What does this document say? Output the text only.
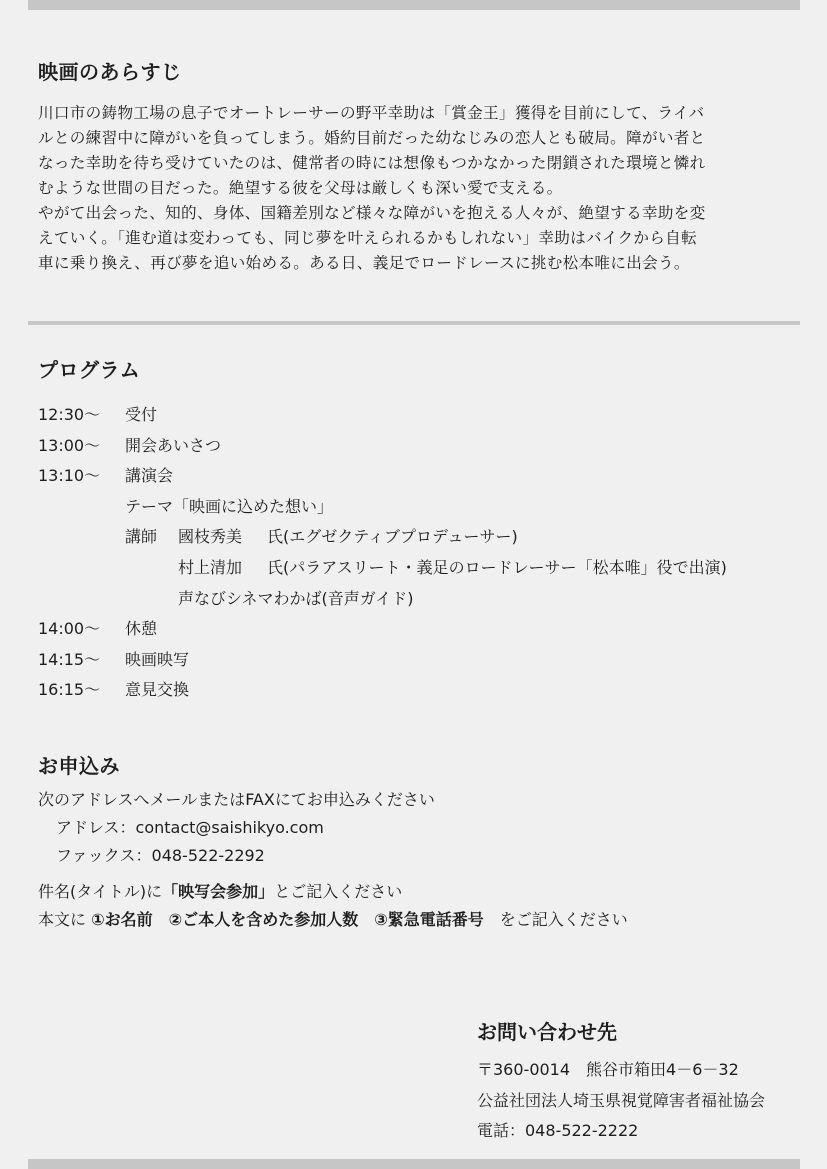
映画のあらすじ

川口市の鋳物工場の息子でオートレーサーの野平幸助は「賞金王」獲得を目前にして、ライバ

ルとの練習中に障がいを負ってしまう。婚約目前だった幼なじみの恋人とも破局。障がい者と

なった幸助を待ち受けていたのは、健常者の時には想像もつかなかった閉鎖された環境と憐れ

むような世間の目だった。絶望する彼を父母は厳しくも深い愛で支える。

やがて出会った、知的、身体、国籍差別など様々な障がいを抱える人々が、絶望する幸助を変

えていく。「進む道は変わっても、同じ夢を叶えられるかもしれない」幸助はバイクから自転

車に乗り換え、再び夢を追い始める。ある日、義足でロードレースに挑む松本唯に出会う。

プログラム
12:30〜 受付
13:00〜 開会あいさつ
13:10〜 講演会
テーマ「映画に込めた想い」
講師 國枝秀美 氏(エグゼクティブプロデューサー)
村上清加 氏(パラアスリート・義足のロードレーサー「松本唯」役で出演)
声なびシネマわかば(音声ガイド)
14:00〜 休憩
14:15〜 映画映写
16:15〜 意見交換
お申込み
次のアドレスへメールまたはFAXにてお申込みください
アドレス：contact@saishikyo.com
ファックス：048-522-2292
件名(タイトル)に「映写会参加」とご記入ください
本文に ①お名前　②ご本人を含めた参加人数　③緊急電話番号　 をご記入ください
お問い合わせ先
〒360-0014　熊谷市箱田4－6－32
公益社団法人埼玉県視覚障害者福祉協会
電話：048-522-2222
